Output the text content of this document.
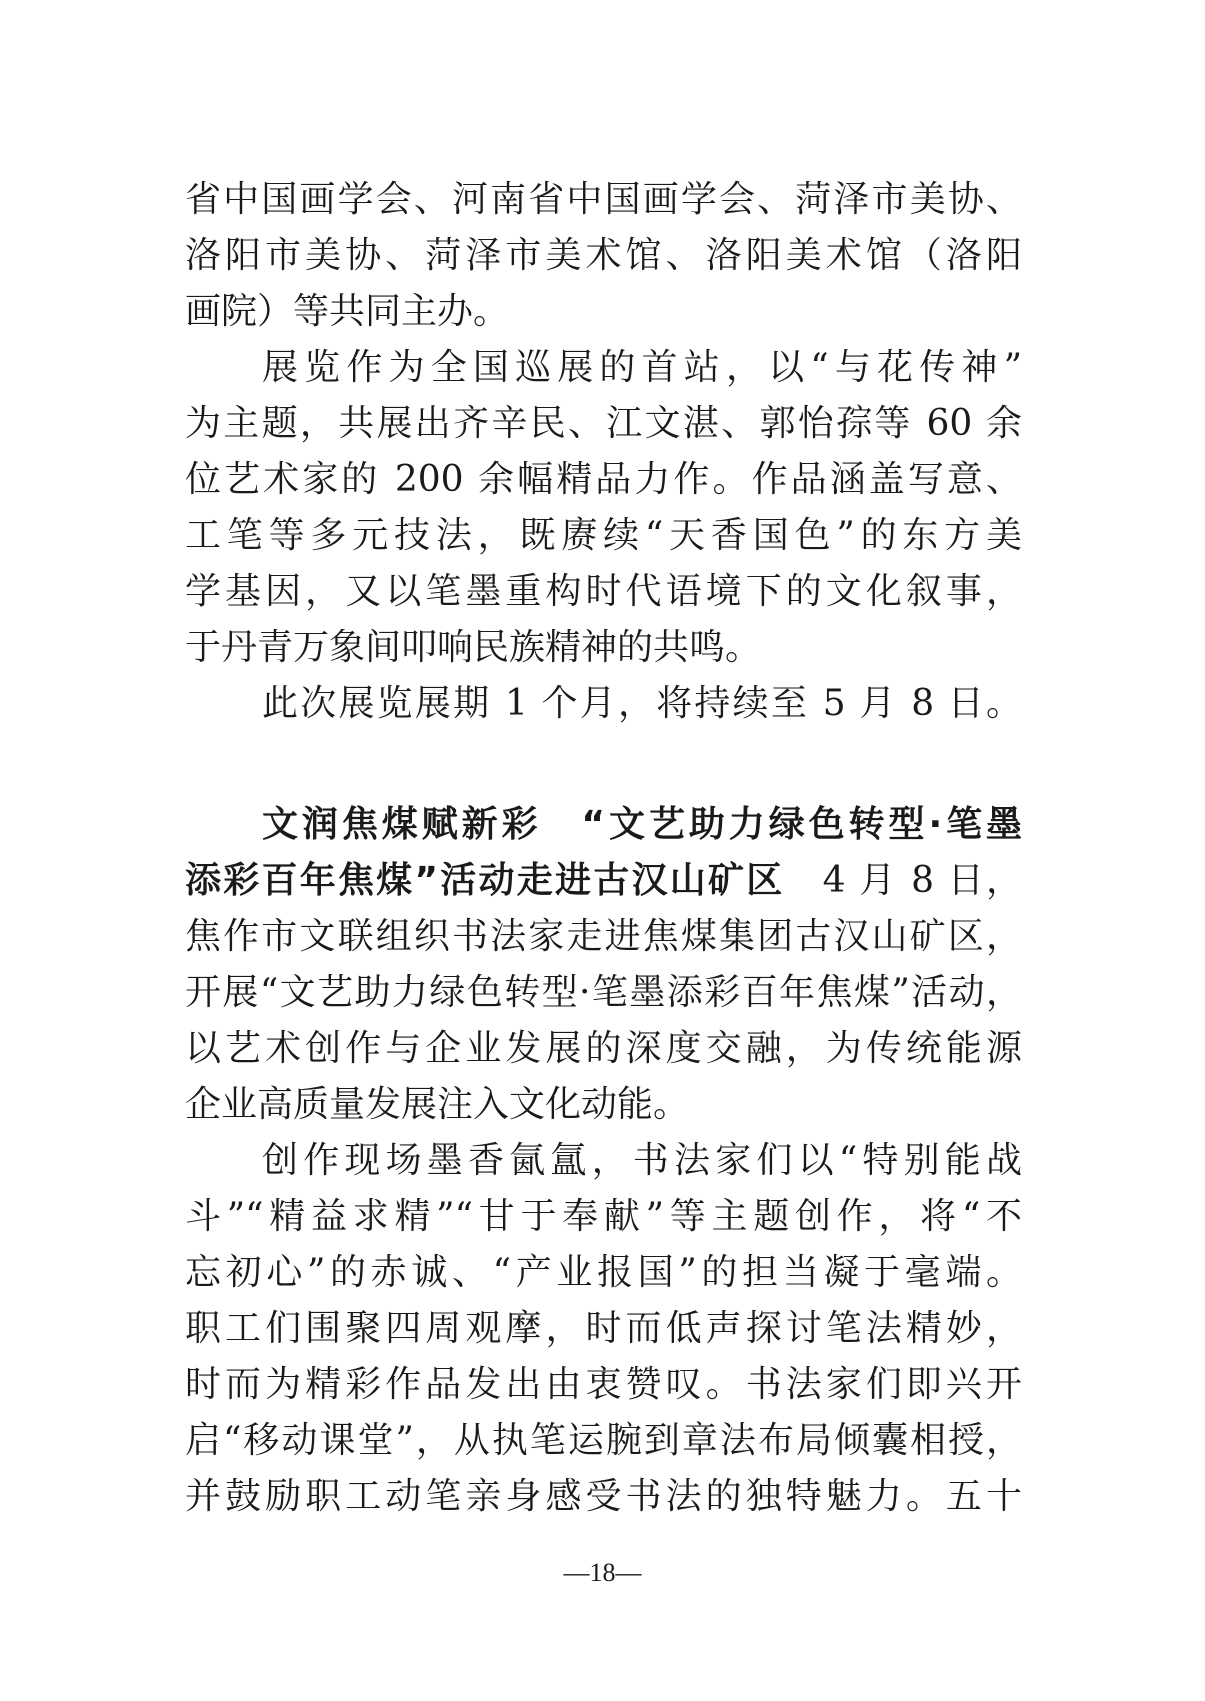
省中国画学会、河南省中国画学会、菏泽市美协、
洛阳市美协、菏泽市美术馆、洛阳美术馆（洛阳
画院）等共同主办。
展览作为全国巡展的首站，以“与花传神”
为主题，共展出齐辛民、江文湛、郭怡孮等 60 余
位艺术家的 200 余幅精品力作。作品涵盖写意、
工笔等多元技法，既赓续“天香国色”的东方美
学基因，又以笔墨重构时代语境下的文化叙事，
于丹青万象间叩响民族精神的共鸣。
此次展览展期 1 个月，将持续至 5 月 8 日。
文润焦煤赋新彩　“文艺助力绿色转型·笔墨
添彩百年焦煤”活动走进古汉山矿区　4 月 8 日，
焦作市文联组织书法家走进焦煤集团古汉山矿区，
开展“文艺助力绿色转型·笔墨添彩百年焦煤”活动，
以艺术创作与企业发展的深度交融，为传统能源
企业高质量发展注入文化动能。
创作现场墨香氤氲，书法家们以“特别能战
斗”“精益求精”“甘于奉献”等主题创作，将“不
忘初心”的赤诚、“产业报国”的担当凝于毫端。
职工们围聚四周观摩，时而低声探讨笔法精妙，
时而为精彩作品发出由衷赞叹。书法家们即兴开
启“移动课堂”，从执笔运腕到章法布局倾囊相授，
并鼓励职工动笔亲身感受书法的独特魅力。五十
—18—
